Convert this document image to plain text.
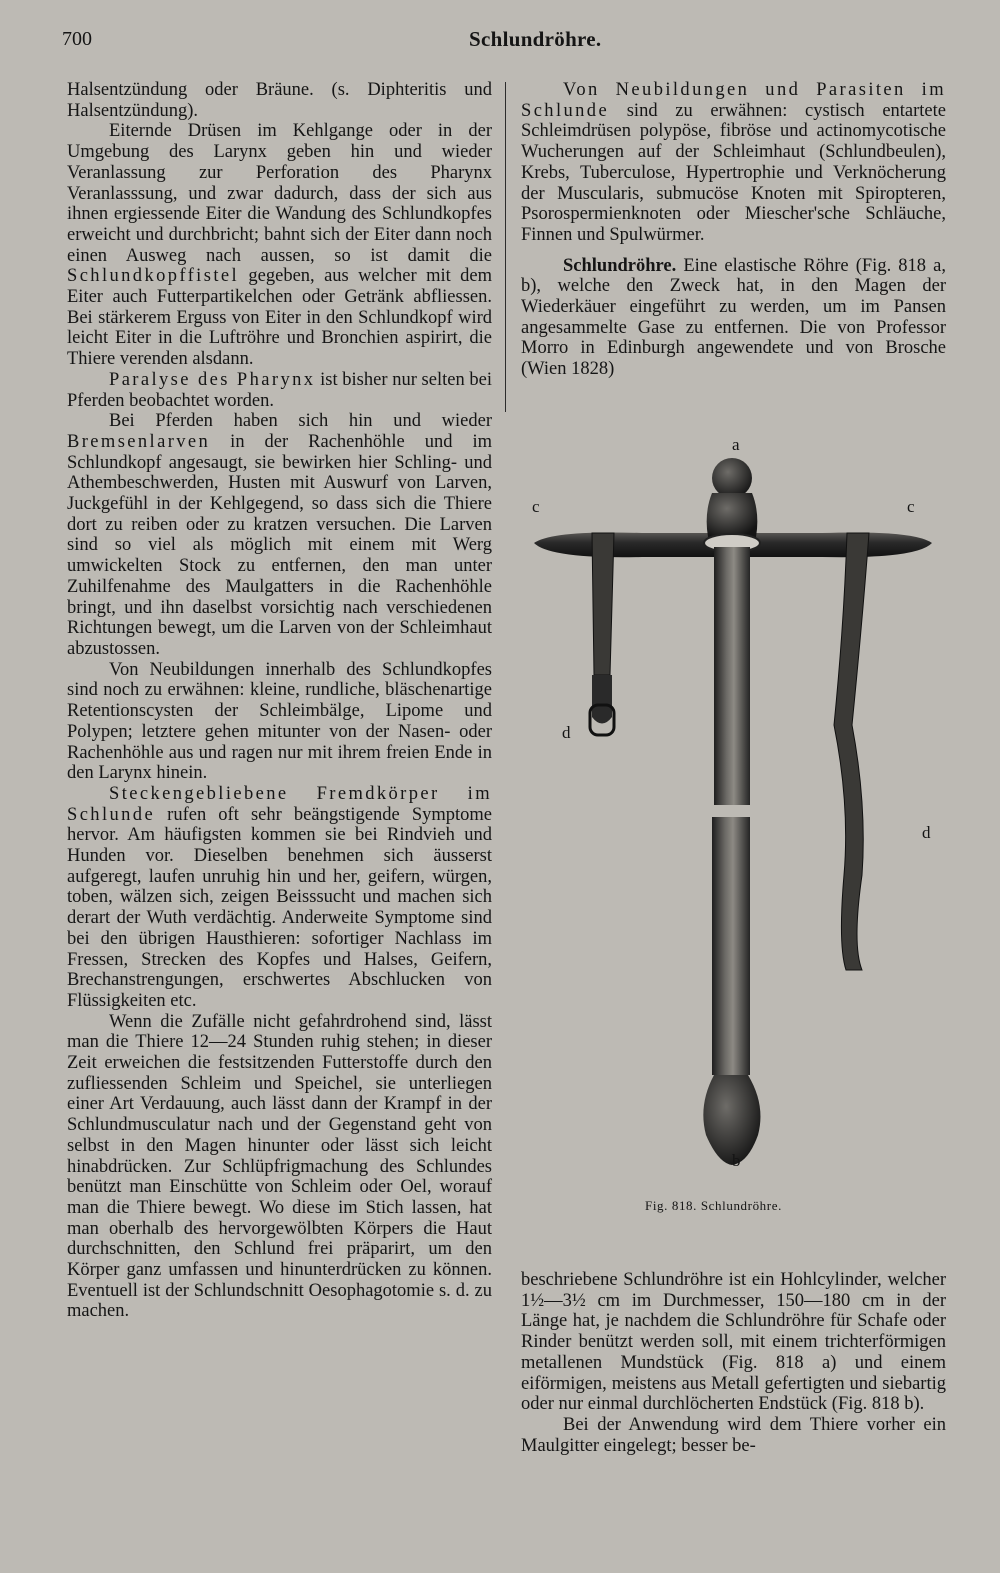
700	Schlundröhre.

Halsentzündung oder Bräune. (s. Diphteritis und Halsentzündung).

Eiternde Drüsen im Kehlgange oder in der Umgebung des Larynx geben hin und wieder Veranlassung zur Perforation des Pharynx Veranlasssung, und zwar dadurch, dass der sich aus ihnen ergiessende Eiter die Wandung des Schlundkopfes erweicht und durchbricht; bahnt sich der Eiter dann noch einen Ausweg nach aussen, so ist damit die Schlundkopffistel gegeben, aus welcher mit dem Eiter auch Futterpartikelchen oder Getränk abfliessen. Bei stärkerem Erguss von Eiter in den Schlundkopf wird leicht Eiter in die Luftröhre und Bronchien aspirirt, die Thiere verenden alsdann.

Paralyse des Pharynx ist bisher nur selten bei Pferden beobachtet worden.

Bei Pferden haben sich hin und wieder Bremsenlarven in der Rachenhöhle und im Schlundkopf angesaugt, sie bewirken hier Schling- und Athembeschwerden, Husten mit Auswurf von Larven, Juckgefühl in der Kehlgegend, so dass sich die Thiere dort zu reiben oder zu kratzen versuchen. Die Larven sind so viel als möglich mit einem mit Werg umwickelten Stock zu entfernen, den man unter Zuhilfenahme des Maulgatters in die Rachenhöhle bringt, und ihn daselbst vorsichtig nach verschiedenen Richtungen bewegt, um die Larven von der Schleimhaut abzustossen.

Von Neubildungen innerhalb des Schlundkopfes sind noch zu erwähnen: kleine, rundliche, bläschenartige Retentionscysten der Schleimbälge, Lipome und Polypen; letztere gehen mitunter von der Nasen- oder Rachenhöhle aus und ragen nur mit ihrem freien Ende in den Larynx hinein.

Steckengebliebene Fremdkörper im Schlunde rufen oft sehr beängstigende Symptome hervor. Am häufigsten kommen sie bei Rindvieh und Hunden vor. Dieselben benehmen sich äusserst aufgeregt, laufen unruhig hin und her, geifern, würgen, toben, wälzen sich, zeigen Beisssucht und machen sich derart der Wuth verdächtig. Anderweite Symptome sind bei den übrigen Hausthieren: sofortiger Nachlass im Fressen, Strecken des Kopfes und Halses, Geifern, Brechanstrengungen, erschwertes Abschlucken von Flüssigkeiten etc.

Wenn die Zufälle nicht gefahrdrohend sind, lässt man die Thiere 12—24 Stunden ruhig stehen; in dieser Zeit erweichen die festsitzenden Futterstoffe durch den zufliessenden Schleim und Speichel, sie unterliegen einer Art Verdauung, auch lässt dann der Krampf in der Schlundmusculatur nach und der Gegenstand geht von selbst in den Magen hinunter oder lässt sich leicht hinabdrücken. Zur Schlüpfrigmachung des Schlundes benützt man Einschütte von Schleim oder Oel, worauf man die Thiere bewegt. Wo diese im Stich lassen, hat man oberhalb des hervorgewölbten Körpers die Haut durchschnitten, den Schlund frei präparirt, um den Körper ganz umfassen und hinunterdrücken zu können. Eventuell ist der Schlundschnitt Oesophagotomie s. d. zu machen.

Von Neubildungen und Parasiten im Schlunde sind zu erwähnen: cystisch entartete Schleimdrüsen polypöse, fibröse und actinomycotische Wucherungen auf der Schleimhaut (Schlundbeulen), Krebs, Tuberculose, Hypertrophie und Verknöcherung der Muscularis, submucöse Knoten mit Spiropteren, Psorospermienknoten oder Miescher'sche Schläuche, Finnen und Spulwürmer.

Schlundröhre. Eine elastische Röhre (Fig. 818 a, b), welche den Zweck hat, in den Magen der Wiederkäuer eingeführt zu werden, um im Pansen angesammelte Gase zu entfernen. Die von Professor Morro in Edinburgh angewendete und von Brosche (Wien 1828)

a
c	c
d
d
b
Fig. 818. Schlundröhre.

beschriebene Schlundröhre ist ein Hohlcylinder, welcher 1½—3½ cm im Durchmesser, 150—180 cm in der Länge hat, je nachdem die Schlundröhre für Schafe oder Rinder benützt werden soll, mit einem trichterförmigen metallenen Mundstück (Fig. 818 a) und einem eiförmigen, meistens aus Metall gefertigten und siebartig oder nur einmal durchlöcherten Endstück (Fig. 818 b).

Bei der Anwendung wird dem Thiere vorher ein Maulgitter eingelegt; besser be-
